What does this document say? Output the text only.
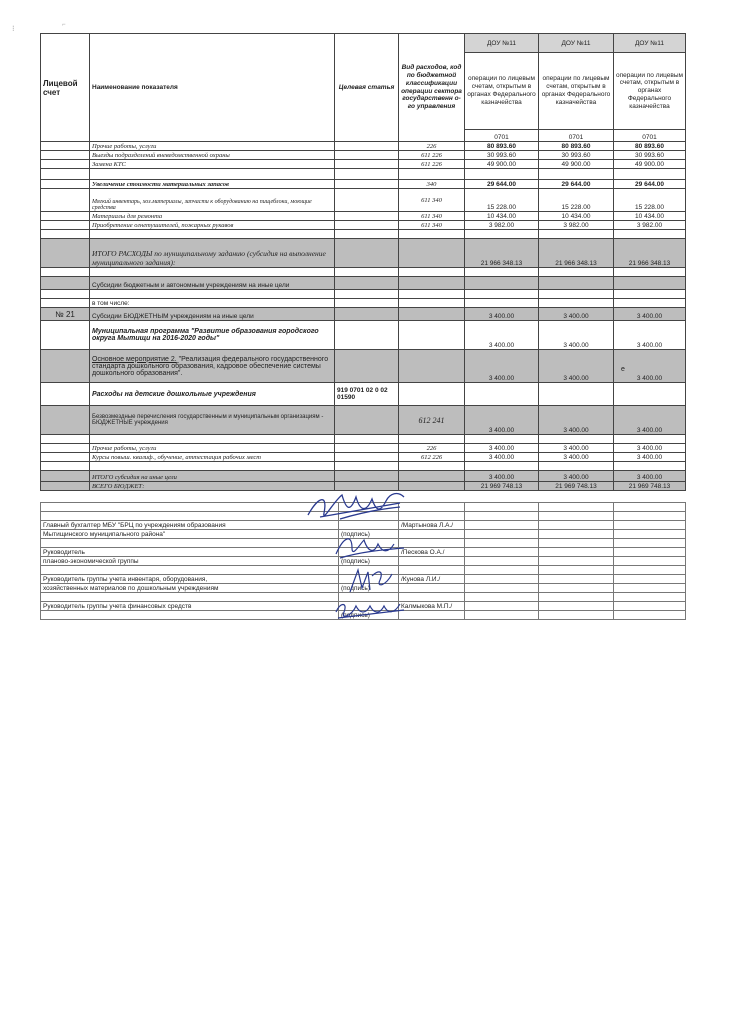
⁝	⌐
Лицевой счет	Наименование показателя	Целевая статья	Вид расходов, код по бюджетной классификации операции сектора государственн о- го управления	ДОУ №11	ДОУ №11	ДОУ №11
				операции по лицевым счетам, открытым в органах Федерального казначейства	операции по лицевым счетам, открытым в органах Федерального казначейства	операции по лицевым счетам, открытым в органах Федерального казначейства
				0701	0701	0701
	Прочие работы, услуги		226	80 893.60	80 893.60	80 893.60
	Выезды подразделений вневедомственной охраны		611 226	30 993.60	30 993.60	30 993.60
	Замена КТС		611 226	49 900.00	49 900.00	49 900.00

	Увеличение стоимости материальных запасов		340	29 644.00	29 644.00	29 644.00
	Мягкий инвентарь, хоз.материалы, запчасти к оборудованию на пищеблоки, моющие средства		611 340	15 228.00	15 228.00	15 228.00
	Материалы для ремонта		611 340	10 434.00	10 434.00	10 434.00
	Приобретение огнетушителей, пожарных рукавов		611 340	3 982.00	3 982.00	3 982.00

	ИТОГО РАСХОДЫ по муниципальному заданию (субсидия на выполнение муниципального задания):			21 966 348.13	21 966 348.13	21 966 348.13

	Субсидии бюджетным и автономным учреждениям на иные цели					

	в том числе:					
№ 21	Субсидии БЮДЖЕТНЫМ учреждениям на иные цели			3 400.00	3 400.00	3 400.00
	Муниципальная программа "Развитие образования городского округа Мытищи на 2016-2020 годы"			3 400.00	3 400.00	3 400.00
	Основное мероприятие 2. "Реализация федерального государственного стандарта дошкольного образования, кадровое обеспечение системы дошкольного образования".			3 400.00	3 400.00	3 400.00
	Расходы на детские дошкольные учреждения	919 0701 02 0 02 01590				
	Безвозмездные перечисления государственным и муниципальным организациям - БЮДЖЕТНЫЕ учреждения		612 241	3 400.00	3 400.00	3 400.00

	Прочие работы, услуги		226	3 400.00	3 400.00	3 400.00
	Курсы повыш. квалиф., обучение, аттестация рабочих мест		612 226	3 400.00	3 400.00	3 400.00

	ИТОГО субсидия на иные цели			3 400.00	3 400.00	3 400.00
	ВСЕГО БЮДЖЕТ:			21 969 748.13	21 969 748.13	21 969 748.13
e

Главный бухгалтер МБУ "БРЦ по учреждениям образования		/Мартынова Л.А./			
Мытищинского муниципального района"	(подпись)				

Руководитель		/Пескова О.А./			
планово-экономической группы	(подпись)				

Руководитель группы учета инвентаря, оборудования,		/Кунова Л.И./			
хозяйственных материалов по дошкольным учреждениям	(подпись)				

Руководитель группы учета финансовых средств		Калмыкова М.П./			
	(подпись)				
